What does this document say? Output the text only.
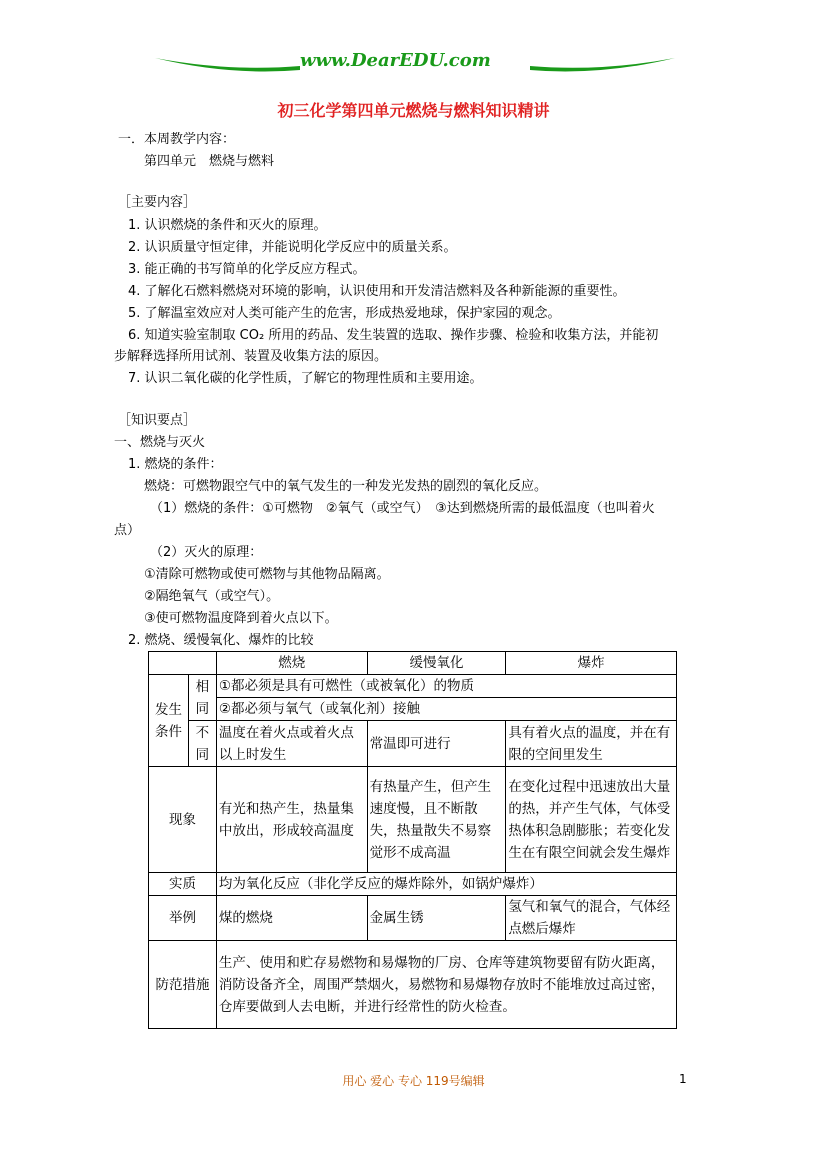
www.DearEDU.com
初三化学第四单元燃烧与燃料知识精讲
一．本周教学内容：
第四单元　燃烧与燃料
［主要内容］
1. 认识燃烧的条件和灭火的原理。
2. 认识质量守恒定律，并能说明化学反应中的质量关系。
3. 能正确的书写简单的化学反应方程式。
4. 了解化石燃料燃烧对环境的影响，认识使用和开发清洁燃料及各种新能源的重要性。
5. 了解温室效应对人类可能产生的危害，形成热爱地球，保护家园的观念。
6. 知道实验室制取 CO₂ 所用的药品、发生装置的选取、操作步骤、检验和收集方法，并能初
步解释选择所用试剂、装置及收集方法的原因。
7. 认识二氧化碳的化学性质，了解它的物理性质和主要用途。
［知识要点］
一、燃烧与灭火
1. 燃烧的条件：
燃烧：可燃物跟空气中的氧气发生的一种发光发热的剧烈的氧化反应。
（1）燃烧的条件：①可燃物　②氧气（或空气）　③达到燃烧所需的最低温度（也叫着火
点）
（2）灭火的原理：
①清除可燃物或使可燃物与其他物品隔离。
②隔绝氧气（或空气）。
③使可燃物温度降到着火点以下。
2. 燃烧、缓慢氧化、爆炸的比较
		燃烧	缓慢氧化	爆炸
发生条件	相同	①都必须是具有可燃性（或被氧化）的物质		
		②都必须与氧气（或氧化剂）接触		
	不同	温度在着火点或着火点以上时发生	常温即可进行	具有着火点的温度，并在有限的空间里发生
现象		有光和热产生，热量集中放出，形成较高温度	有热量产生，但产生速度慢，且不断散失，热量散失不易察觉形不成高温	在变化过程中迅速放出大量的热，并产生气体，气体受热体积急剧膨胀；若变化发生在有限空间就会发生爆炸
实质		均为氧化反应（非化学反应的爆炸除外，如锅炉爆炸）		
举例		煤的燃烧	金属生锈	氢气和氧气的混合，气体经点燃后爆炸
防范措施		生产、使用和贮存易燃物和易爆物的厂房、仓库等建筑物要留有防火距离，消防设备齐全，周围严禁烟火，易燃物和易爆物存放时不能堆放过高过密，仓库要做到人去电断，并进行经常性的防火检查。		
用心 爱心 专心 119号编辑	1
